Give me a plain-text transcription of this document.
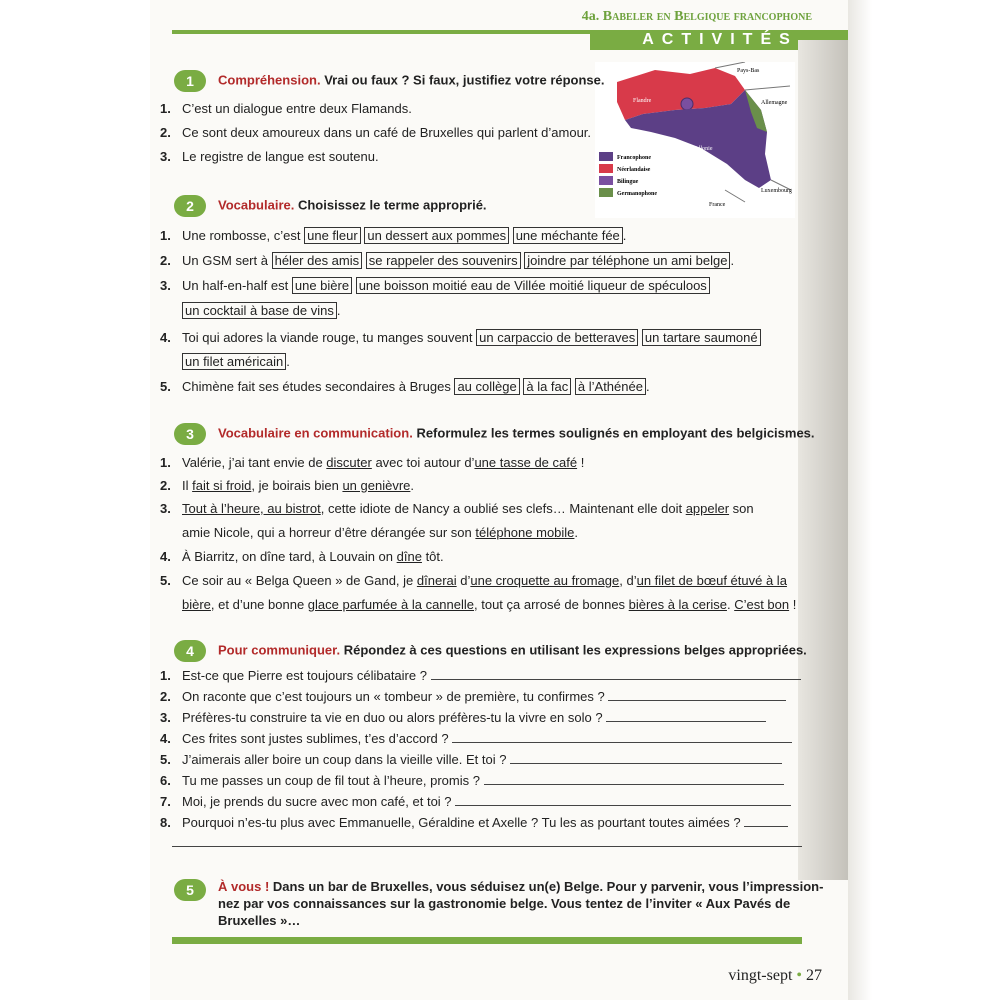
4a. Babeler en Belgique francophone
ACTIVITÉS
Pays-Bas
Flandre	Allemagne
Wallonie
France
Luxembourg
Francophone
Néerlandaise
Bilingue
Germanophone
1 Compréhension. Vrai ou faux ? Si faux, justifiez votre réponse.
1. C’est un dialogue entre deux Flamands.
2. Ce sont deux amoureux dans un café de Bruxelles qui parlent d’amour.
3. Le registre de langue est soutenu.
2 Vocabulaire. Choisissez le terme approprié.
1. Une rombosse, c’est une fleur un dessert aux pommes une méchante fée .
2. Un GSM sert à héler des amis se rappeler des souvenirs joindre par téléphone un ami belge .
3. Un half-en-half est une bière une boisson moitié eau de Villée moitié liqueur de spéculoos
un cocktail à base de vins .
4. Toi qui adores la viande rouge, tu manges souvent un carpaccio de betteraves un tartare saumoné
un filet américain .
5. Chimène fait ses études secondaires à Bruges au collège à la fac à l’Athénée .
3 Vocabulaire en communication. Reformulez les termes soulignés en employant des belgicismes.
1. Valérie, j’ai tant envie de discuter avec toi autour d’une tasse de café !
2. Il fait si froid, je boirais bien un genièvre.
3. Tout à l’heure, au bistrot, cette idiote de Nancy a oublié ses clefs… Maintenant elle doit appeler son
amie Nicole, qui a horreur d’être dérangée sur son téléphone mobile.
4. À Biarritz, on dîne tard, à Louvain on dîne tôt.
5. Ce soir au « Belga Queen » de Gand, je dînerai d’une croquette au fromage, d’un filet de bœuf étuvé à la
bière, et d’une bonne glace parfumée à la cannelle, tout ça arrosé de bonnes bières à la cerise. C’est bon !
4 Pour communiquer. Répondez à ces questions en utilisant les expressions belges appropriées.
1. Est-ce que Pierre est toujours célibataire ?
2. On raconte que c’est toujours un « tombeur » de première, tu confirmes ?
3. Préfères-tu construire ta vie en duo ou alors préfères-tu la vivre en solo ?
4. Ces frites sont justes sublimes, t’es d’accord ?
5. J’aimerais aller boire un coup dans la vieille ville. Et toi ?
6. Tu me passes un coup de fil tout à l’heure, promis ?
7. Moi, je prends du sucre avec mon café, et toi ?
8. Pourquoi n’es-tu plus avec Emmanuelle, Géraldine et Axelle ? Tu les as pourtant toutes aimées ?
5	À vous ! Dans un bar de Bruxelles, vous séduisez un(e) Belge. Pour y parvenir, vous l’impression-
nez par vos connaissances sur la gastronomie belge. Vous tentez de l’inviter « Aux Pavés de
Bruxelles »…
vingt-sept • 27
